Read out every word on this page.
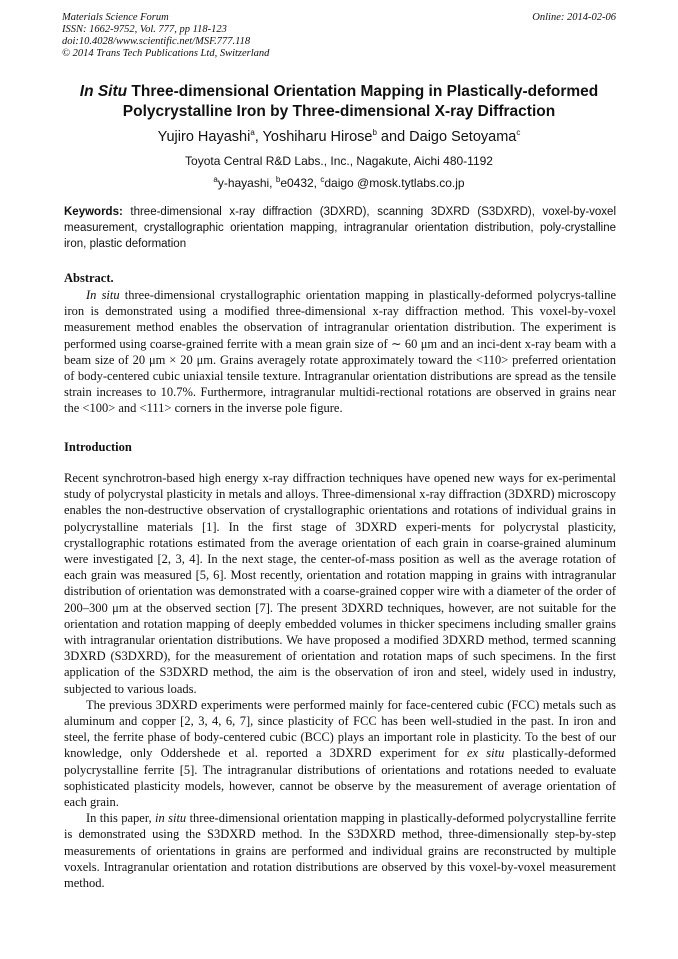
Materials Science Forum
ISSN: 1662-9752, Vol. 777, pp 118-123
doi:10.4028/www.scientific.net/MSF.777.118
© 2014 Trans Tech Publications Ltd, Switzerland
Online: 2014-02-06
In Situ Three-dimensional Orientation Mapping in Plastically-deformed
Polycrystalline Iron by Three-dimensional X-ray Diffraction
Yujiro Hayashi$^a$, Yoshiharu Hirose$^b$ and Daigo Setoyama$^c$
Toyota Central R&D Labs., Inc., Nagakute, Aichi 480-1192
$^a$y-hayashi, $^b$e0432, $^c$daigo @mosk.tytlabs.co.jp
Keywords: three-dimensional x-ray diffraction (3DXRD), scanning 3DXRD (S3DXRD), voxel-by-voxel measurement, crystallographic orientation mapping, intragranular orientation distribution, poly-crystalline iron, plastic deformation
Abstract.
In situ three-dimensional crystallographic orientation mapping in plastically-deformed polycrys-talline iron is demonstrated using a modified three-dimensional x-ray diffraction method. This voxel-by-voxel measurement method enables the observation of intragranular orientation distribution. The experiment is performed using coarse-grained ferrite with a mean grain size of ∼ 60 μm and an inci-dent x-ray beam with a beam size of 20 μm × 20 μm. Grains averagely rotate approximately toward the <110> preferred orientation of body-centered cubic uniaxial tensile texture. Intragranular orientation distributions are spread as the tensile strain increases to 10.7%. Furthermore, intragranular multidi-rectional rotations are observed in grains near the <100> and <111> corners in the inverse pole figure.
Introduction

Recent synchrotron-based high energy x-ray diffraction techniques have opened new ways for ex-perimental study of polycrystal plasticity in metals and alloys. Three-dimensional x-ray diffraction (3DXRD) microscopy enables the non-destructive observation of crystallographic orientations and rotations of individual grains in polycrystalline materials [1]. In the first stage of 3DXRD experi-ments for polycrystal plasticity, crystallographic rotations estimated from the average orientation of each grain in coarse-grained aluminum were investigated [2, 3, 4]. In the next stage, the center-of-mass position as well as the average rotation of each grain was measured [5, 6]. Most recently, orientation and rotation mapping in grains with intragranular distribution of orientation was demonstrated with a coarse-grained copper wire with a diameter of the order of 200–300 μm at the observed section [7]. The present 3DXRD techniques, however, are not suitable for the orientation and rotation mapping of deeply embedded volumes in thicker specimens including smaller grains with intragranular orientation distributions. We have proposed a modified 3DXRD method, termed scanning 3DXRD (S3DXRD), for the measurement of orientation and rotation maps of such specimens. In the first application of the S3DXRD method, the aim is the observation of iron and steel, widely used in industry, subjected to various loads.

The previous 3DXRD experiments were performed mainly for face-centered cubic (FCC) metals such as aluminum and copper [2, 3, 4, 6, 7], since plasticity of FCC has been well-studied in the past. In iron and steel, the ferrite phase of body-centered cubic (BCC) plays an important role in plasticity. To the best of our knowledge, only Oddershede et al. reported a 3DXRD experiment for ex situ plastically-deformed polycrystalline ferrite [5]. The intragranular distributions of orientations and rotations needed to evaluate sophisticated plasticity models, however, cannot be observe by the measurement of average orientation of each grain.

In this paper, in situ three-dimensional orientation mapping in plastically-deformed polycrystalline ferrite is demonstrated using the S3DXRD method. In the S3DXRD method, three-dimensionally step-by-step measurements of orientations in grains are performed and individual grains are reconstructed by multiple voxels. Intragranular orientation and rotation distributions are observed by this voxel-by-voxel measurement method.
